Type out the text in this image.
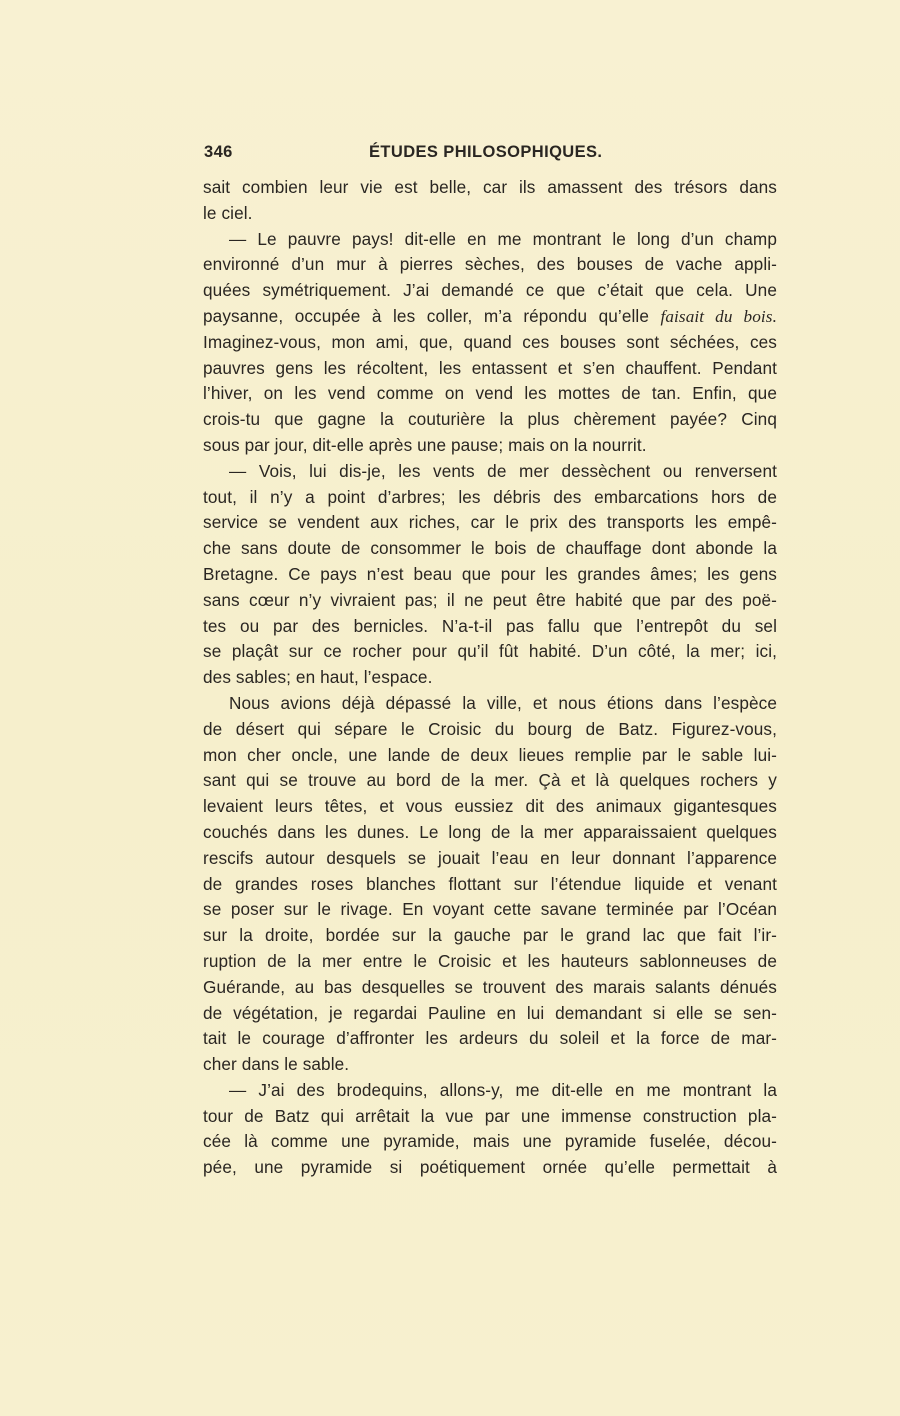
346	ÉTUDES PHILOSOPHIQUES.
sait combien leur vie est belle, car ils amassent des trésors dans
le ciel.
— Le pauvre pays! dit-elle en me montrant le long d’un champ
environné d’un mur à pierres sèches, des bouses de vache appli-
quées symétriquement. J’ai demandé ce que c’était que cela. Une
paysanne, occupée à les coller, m’a répondu qu’elle faisait du bois.
Imaginez-vous, mon ami, que, quand ces bouses sont séchées, ces
pauvres gens les récoltent, les entassent et s’en chauffent. Pendant
l’hiver, on les vend comme on vend les mottes de tan. Enfin, que
crois-tu que gagne la couturière la plus chèrement payée? Cinq
sous par jour, dit-elle après une pause; mais on la nourrit.
— Vois, lui dis-je, les vents de mer dessèchent ou renversent
tout, il n’y a point d’arbres; les débris des embarcations hors de
service se vendent aux riches, car le prix des transports les empê-
che sans doute de consommer le bois de chauffage dont abonde la
Bretagne. Ce pays n’est beau que pour les grandes âmes; les gens
sans cœur n’y vivraient pas; il ne peut être habité que par des poë-
tes ou par des bernicles. N’a-t-il pas fallu que l’entrepôt du sel
se plaçât sur ce rocher pour qu’il fût habité. D’un côté, la mer; ici,
des sables; en haut, l’espace.
Nous avions déjà dépassé la ville, et nous étions dans l’espèce
de désert qui sépare le Croisic du bourg de Batz. Figurez-vous,
mon cher oncle, une lande de deux lieues remplie par le sable lui-
sant qui se trouve au bord de la mer. Çà et là quelques rochers y
levaient leurs têtes, et vous eussiez dit des animaux gigantesques
couchés dans les dunes. Le long de la mer apparaissaient quelques
rescifs autour desquels se jouait l’eau en leur donnant l’apparence
de grandes roses blanches flottant sur l’étendue liquide et venant
se poser sur le rivage. En voyant cette savane terminée par l’Océan
sur la droite, bordée sur la gauche par le grand lac que fait l’ir-
ruption de la mer entre le Croisic et les hauteurs sablonneuses de
Guérande, au bas desquelles se trouvent des marais salants dénués
de végétation, je regardai Pauline en lui demandant si elle se sen-
tait le courage d’affronter les ardeurs du soleil et la force de mar-
cher dans le sable.
— J’ai des brodequins, allons-y, me dit-elle en me montrant la
tour de Batz qui arrêtait la vue par une immense construction pla-
cée là comme une pyramide, mais une pyramide fuselée, décou-
pée, une pyramide si poétiquement ornée qu’elle permettait à
